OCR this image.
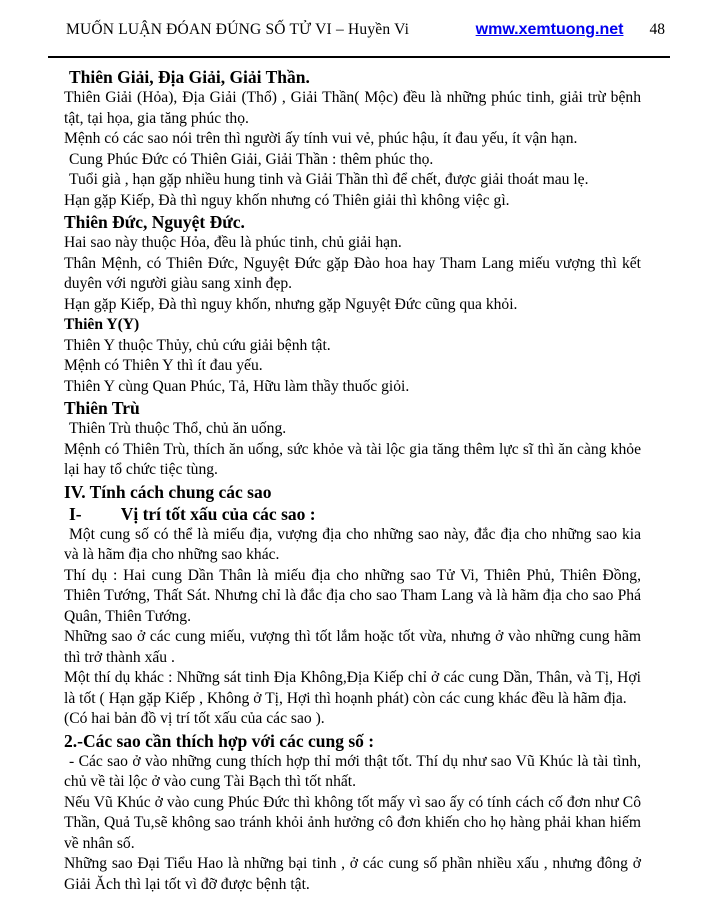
MUỐN LUẬN ĐÓAN ĐÚNG SỐ TỬ VI – Huyền Vi	wmw.xemtuong.net 48
Thiên Giải, Địa Giải, Giải Thần.

Thiên Giải (Hỏa), Địa Giải (Thổ) , Giải Thần( Mộc) đều là những phúc tinh, giải trừ bệnh tật, tại họa, gia tăng phúc thọ.

Mệnh có các sao nói trên thì người ấy tính vui vẻ, phúc hậu, ít đau yếu, ít vận hạn.

Cung Phúc Đức có Thiên Giải, Giải Thần : thêm phúc thọ.

Tuổi già , hạn gặp nhiều hung tinh và Giải Thần thì để chết, được giải thoát mau lẹ.

Hạn gặp Kiếp, Đà thì nguy khốn nhưng có Thiên giải thì không việc gì.

Thiên Đức, Nguyệt Đức.

Hai sao này thuộc Hỏa, đều là phúc tinh, chủ giải hạn.

Thân Mệnh, có Thiên Đức, Nguyệt Đức gặp Đào hoa hay Tham Lang miếu vượng thì kết duyên với người giàu sang xinh đẹp.

Hạn gặp Kiếp, Đà thì nguy khốn, nhưng gặp Nguyệt Đức cũng qua khỏi.

Thiên Y(Y)

Thiên Y thuộc Thủy, chủ cứu giải bệnh tật.

Mệnh có Thiên Y thì ít đau yếu.

Thiên Y cùng Quan Phúc, Tả, Hữu làm thầy thuốc giỏi.

Thiên Trù

Thiên Trù thuộc Thổ, chủ ăn uống.

Mệnh có Thiên Trù, thích ăn uống, sức khỏe và tài lộc gia tăng thêm lực sĩ thì ăn càng khỏe lại hay tổ chức tiệc tùng.

IV. Tính cách chung các sao
I-         Vị trí tốt xấu của các sao :

Một cung số có thể là miếu địa, vượng địa cho những sao này, đắc địa cho những sao kia và là hãm địa cho những sao khác.

Thí dụ : Hai cung Dần Thân là miếu địa cho những sao Tử Vi, Thiên Phủ, Thiên Đồng, Thiên Tướng, Thất Sát. Nhưng chỉ là đắc địa cho sao Tham Lang và là hãm địa cho sao Phá Quân, Thiên Tướng.

Những sao ở các cung miếu, vượng thì tốt lắm hoặc tốt vừa, nhưng ở vào những cung hãm thì trở thành xấu .

Một thí dụ khác : Những sát tinh Địa Không,Địa Kiếp chỉ ở các cung Dần, Thân, và Tị, Hợi là tốt ( Hạn gặp Kiếp , Không ở Tị, Hợi thì hoạnh phát) còn các cung khác đều là hãm địa.

(Có hai bản đồ vị trí tốt xấu của các sao ).

2.-Các sao cần thích hợp với các cung số :

- Các sao ở vào những cung thích hợp thỉ mới thật tốt. Thí dụ như sao Vũ Khúc là tài tình, chủ về tài lộc ở vào cung Tài Bạch thì tốt nhất.

Nếu Vũ Khúc ở vào cung Phúc Đức thì không tốt mấy vì sao ấy có tính cách cố đơn như Cô Thần, Quả Tu,sẽ không sao tránh khỏi ảnh hưởng cô đơn khiến cho họ hàng phải khan hiếm về nhân số.

Những sao Đại Tiểu Hao là những bại tinh , ở các cung số phần nhiều xấu , nhưng đông ở Giải Ăch thì lại tốt vì đỡ được bệnh tật.
